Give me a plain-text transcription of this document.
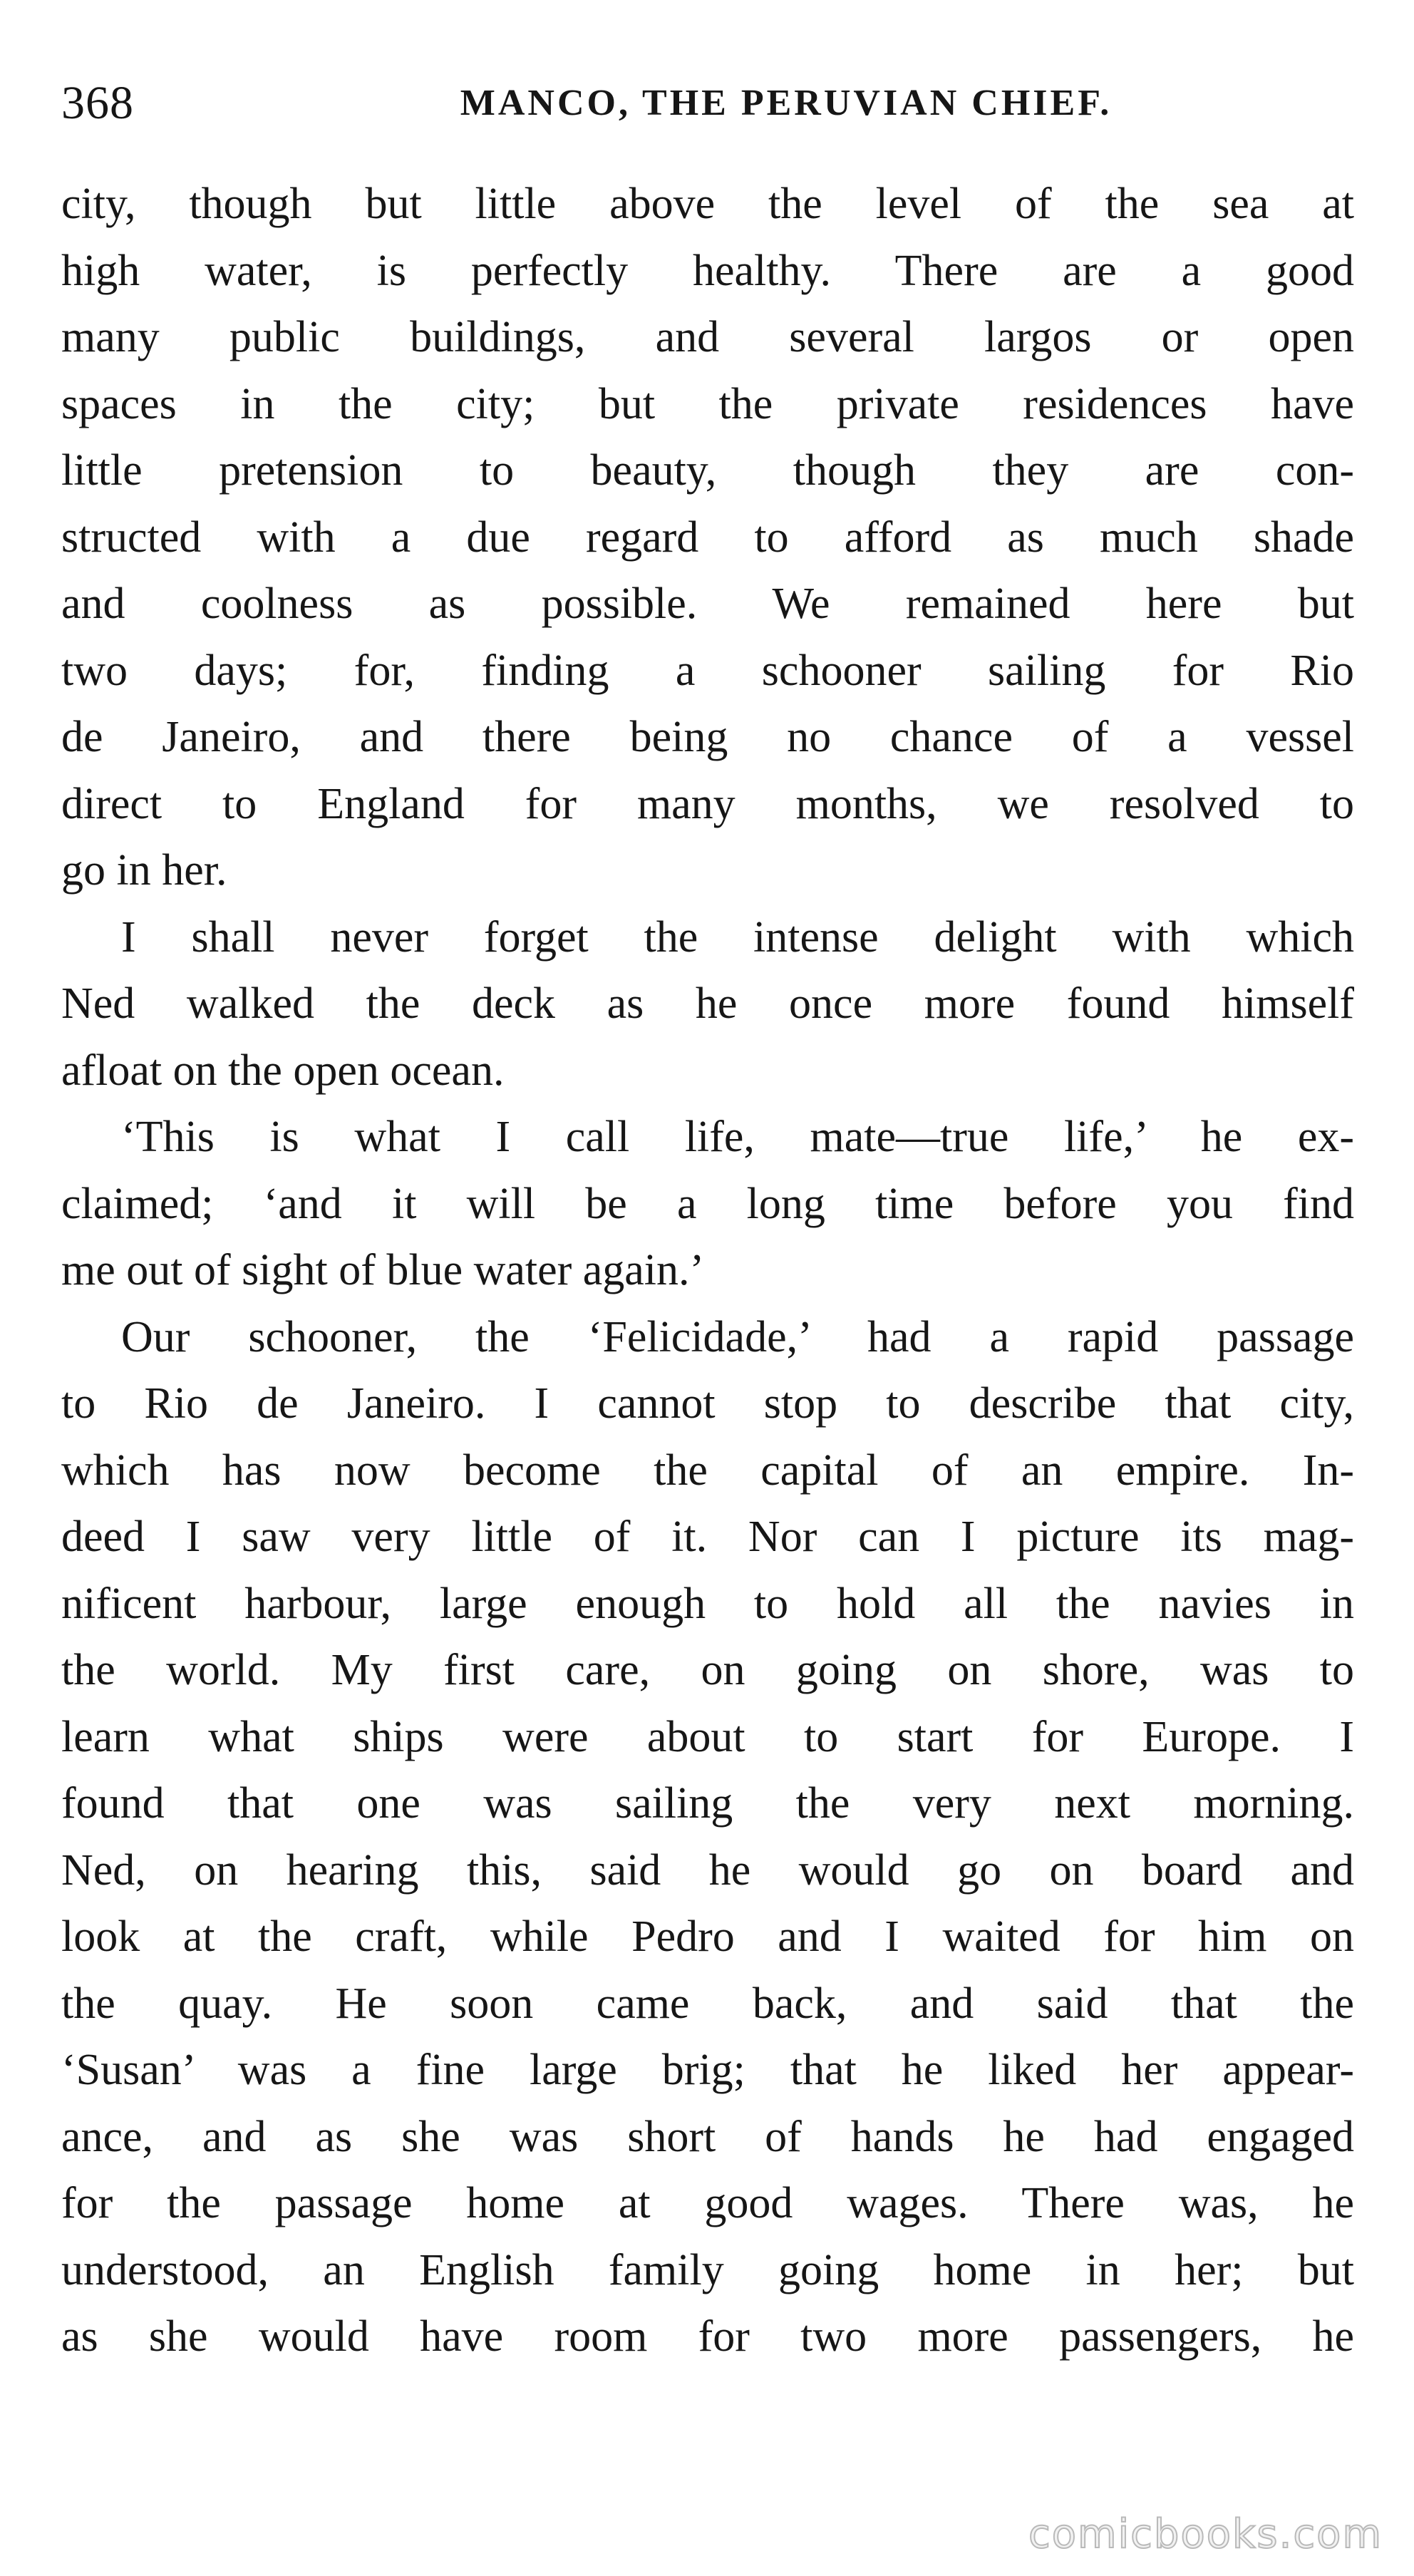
368	MANCO, THE PERUVIAN CHIEF.
city, though but little above the level of the sea at
high water, is perfectly healthy. There are a good
many public buildings, and several largos or open
spaces in the city; but the private residences have
little pretension to beauty, though they are con-
structed with a due regard to afford as much shade
and coolness as possible. We remained here but
two days; for, finding a schooner sailing for Rio
de Janeiro, and there being no chance of a vessel
direct to England for many months, we resolved to
go in her.
I shall never forget the intense delight with which
Ned walked the deck as he once more found himself
afloat on the open ocean.
‘This is what I call life, mate—true life,’ he ex-
claimed; ‘and it will be a long time before you find
me out of sight of blue water again.’
Our schooner, the ‘Felicidade,’ had a rapid passage
to Rio de Janeiro. I cannot stop to describe that city,
which has now become the capital of an empire. In-
deed I saw very little of it. Nor can I picture its mag-
nificent harbour, large enough to hold all the navies in
the world. My first care, on going on shore, was to
learn what ships were about to start for Europe. I
found that one was sailing the very next morning.
Ned, on hearing this, said he would go on board and
look at the craft, while Pedro and I waited for him on
the quay. He soon came back, and said that the
‘Susan’ was a fine large brig; that he liked her appear-
ance, and as she was short of hands he had engaged
for the passage home at good wages. There was, he
understood, an English family going home in her; but
as she would have room for two more passengers, he
comicbooks.com
